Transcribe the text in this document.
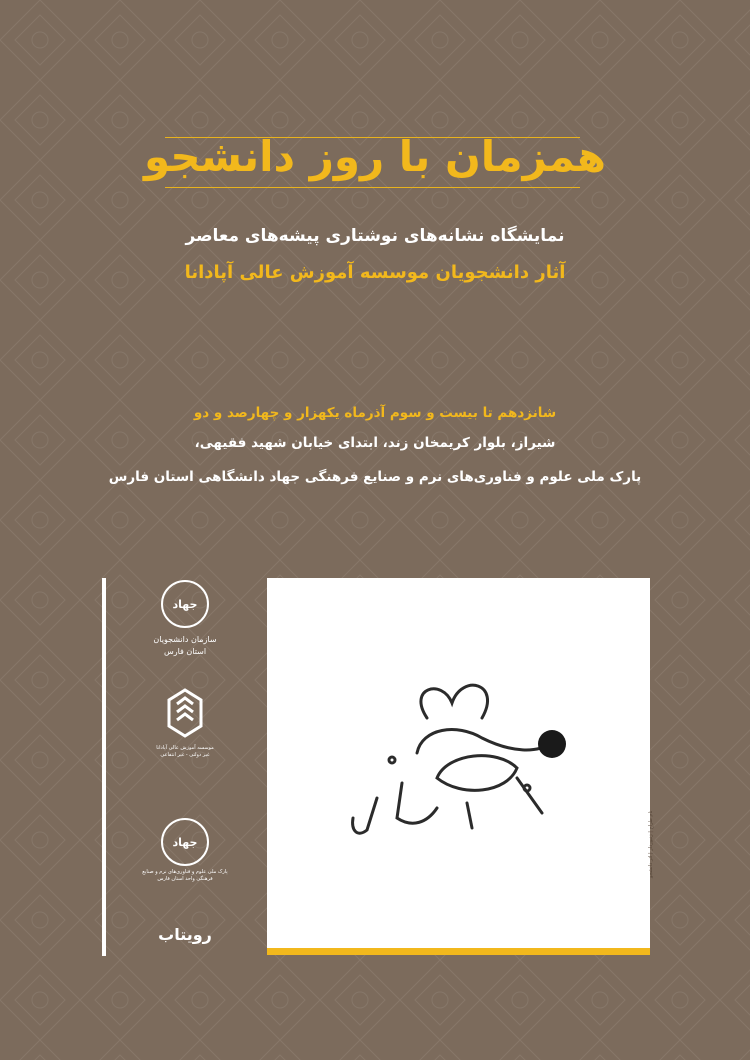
همزمان با روز دانشجو
نمایشگاه نشانه‌های نوشتاری پیشه‌های معاصر
آثار دانشجویان موسسه آموزش عالی آپادانا
شانزدهم تا بیست و سوم آذرماه یکهزار و چهارصد و دو
شیراز، بلوار کریمخان زند، ابتدای خیابان شهید فقیهی،
پارک ملی علوم و فناوری‌های نرم و صنایع فرهنگی جهاد دانشگاهی استان فارس
جهاد
سازمان دانشجویان
استان فارس
موسسه آموزش عالی آپادانا
غیر دولتی - غیر انتفاعی
جهاد
پارک ملی علوم و فناوری‌های نرم و صنایع فرهنگی واحد استان فارس
رویتاب
نام طراح | زنبوردار | اثر دانشجو
